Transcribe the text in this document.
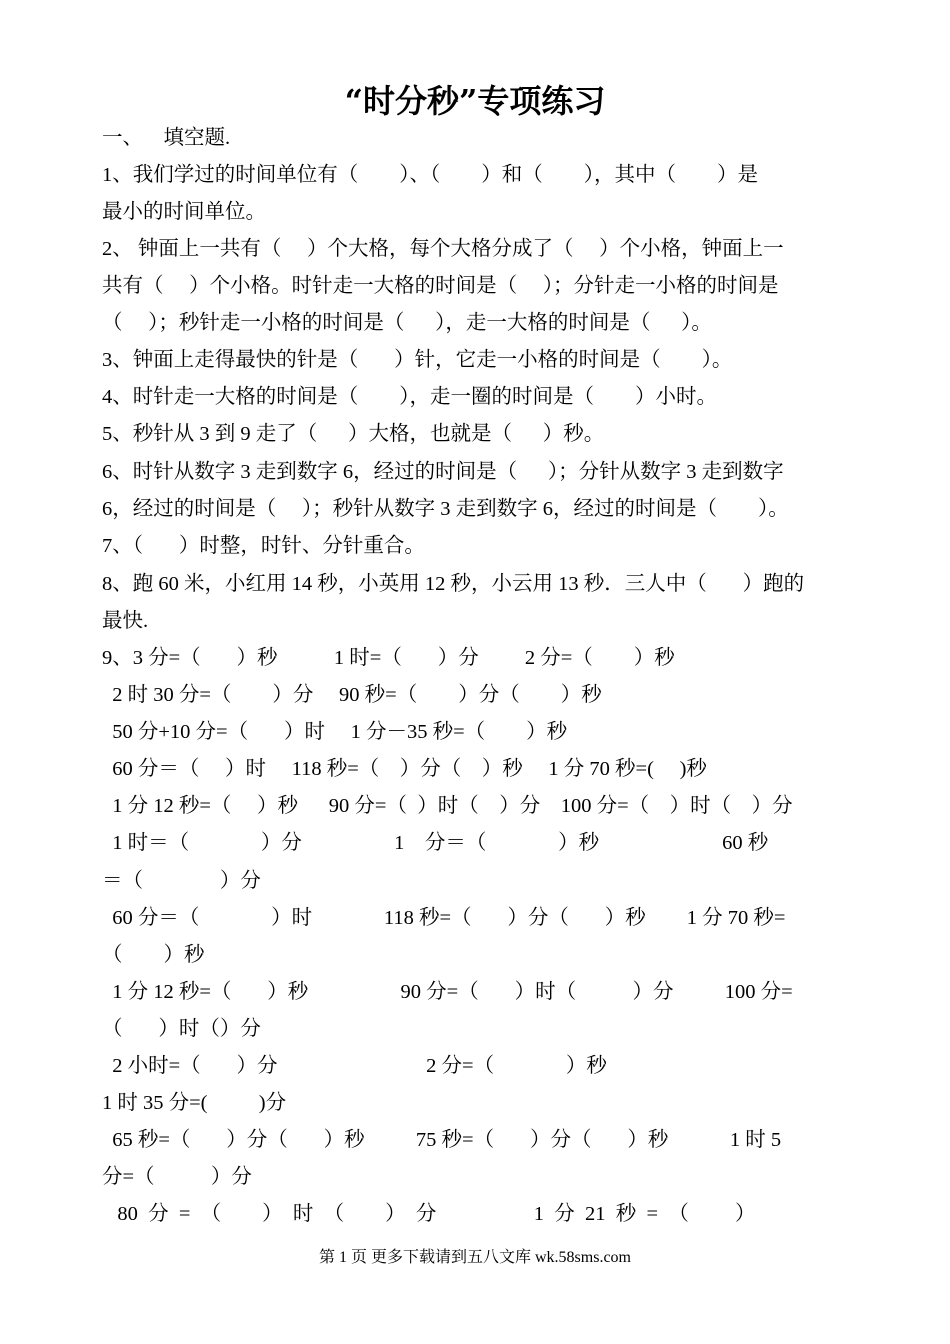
“时分秒”专项练习
一、    填空题.
1、我们学过的时间单位有（        ）、（        ）和（        ），其中（        ）是
最小的时间单位。
2、 钟面上一共有（     ）个大格，每个大格分成了（     ）个小格，钟面上一
共有（     ）个小格。时针走一大格的时间是（     ）；分针走一小格的时间是
（     ）；秒针走一小格的时间是（      ），走一大格的时间是（      ）。
3、钟面上走得最快的针是（       ）针，它走一小格的时间是（        ）。
4、时针走一大格的时间是（        ），走一圈的时间是（        ）小时。
5、秒针从 3 到 9 走了（      ）大格，也就是（      ）秒。
6、时针从数字 3 走到数字 6，经过的时间是（      ）；分针从数字 3 走到数字
6，经过的时间是（     ）；秒针从数字 3 走到数字 6，经过的时间是（        ）。
7、（       ）时整，时针、分针重合。
8、跑 60 米，小红用 14 秒，小英用 12 秒，小云用 13 秒．三人中（       ）跑的
最快.
9、3 分=（       ）秒           1 时=（       ）分         2 分=（        ）秒
2 时 30 分=（        ）分     90 秒=（        ）分（        ）秒
50 分+10 分=（       ）时     1 分－35 秒=（        ）秒
60 分＝（     ）时     118 秒=（    ）分（    ）秒     1 分 70 秒=(     )秒
1 分 12 秒=（     ）秒      90 分=（  ）时（    ）分    100 分=（    ）时（    ）分
1 时＝（              ）分                  1    分＝（              ）秒                        60 秒
＝（               ）分
60 分＝（              ）时              118 秒=（       ）分（       ）秒        1 分 70 秒=
（        ）秒
1 分 12 秒=（       ）秒                  90 分=（       ）时（           ）分          100 分=
（       ）时（）分
2 小时=（       ）分                             2 分=（              ）秒
1 时 35 分=(          )分
65 秒=（       ）分（       ）秒          75 秒=（       ）分（       ）秒            1 时 5
分=（           ）分
80  分  =  （        ）  时  （        ）  分                   1  分  21  秒  =  （         ）
第 1 页 更多下载请到五八文库 wk.58sms.com
